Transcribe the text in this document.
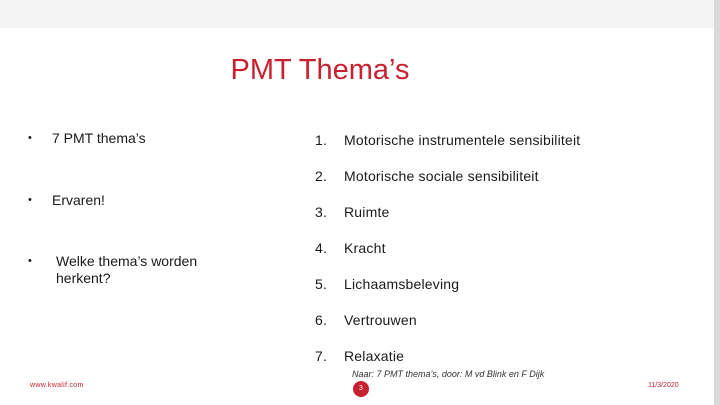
PMT Thema’s
• 7 PMT thema’s
• Ervaren!
• Welke thema’s worden herkent?
1.	Motorische instrumentele sensibiliteit
2.	Motorische sociale sensibiliteit
3.	Ruimte
4.	Kracht
5.	Lichaamsbeleving
6.	Vertrouwen
7.	Relaxatie
Naar: 7 PMT thema’s, door: M vd Blink en F Dijk
www.kwalif.com	3	11/3/2020
